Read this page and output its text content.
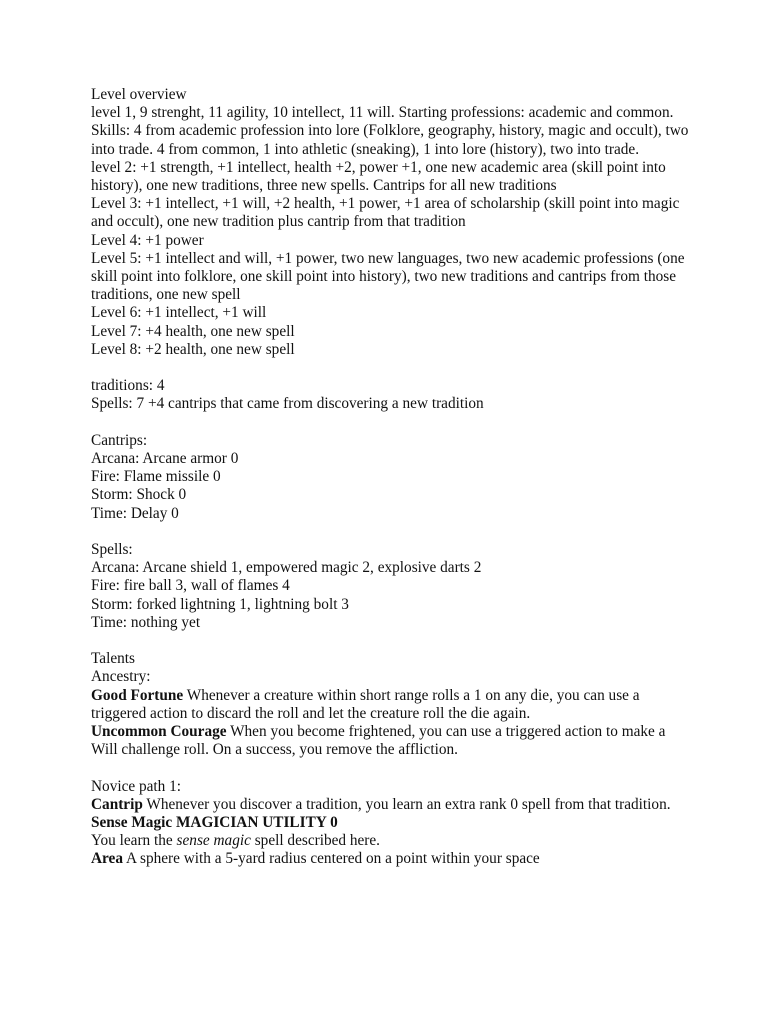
Level overview
level 1, 9 strenght, 11 agility, 10 intellect, 11 will. Starting professions: academic and common. Skills: 4 from academic profession into lore (Folklore, geography, history, magic and occult), two into trade. 4 from common, 1 into athletic (sneaking), 1 into lore (history), two into trade.
level 2: +1 strength, +1 intellect, health +2, power +1, one new academic area (skill point into history), one new traditions, three new spells. Cantrips for all new traditions
Level 3: +1 intellect, +1 will, +2 health, +1 power, +1 area of scholarship (skill point into magic and occult), one new tradition plus cantrip from that tradition
Level 4: +1 power
Level 5: +1 intellect and will, +1 power, two new languages, two new academic professions (one skill point into folklore, one skill point into history), two new traditions and cantrips from those traditions, one new spell
Level 6: +1 intellect, +1 will
Level 7: +4 health, one new spell
Level 8: +2 health, one new spell
traditions: 4
Spells: 7 +4 cantrips that came from discovering a new tradition
Cantrips:
Arcana: Arcane armor 0
Fire: Flame missile 0
Storm: Shock 0
Time: Delay 0
Spells:
Arcana: Arcane shield 1, empowered magic 2, explosive darts 2
Fire: fire ball 3, wall of flames 4
Storm: forked lightning 1, lightning bolt 3
Time: nothing yet
Talents
Ancestry:
Good Fortune Whenever a creature within short range rolls a 1 on any die, you can use a triggered action to discard the roll and let the creature roll the die again.
Uncommon Courage When you become frightened, you can use a triggered action to make a Will challenge roll. On a success, you remove the affliction.
Novice path 1:
Cantrip Whenever you discover a tradition, you learn an extra rank 0 spell from that tradition.
Sense Magic MAGICIAN UTILITY 0
You learn the sense magic spell described here.
Area A sphere with a 5-yard radius centered on a point within your space
